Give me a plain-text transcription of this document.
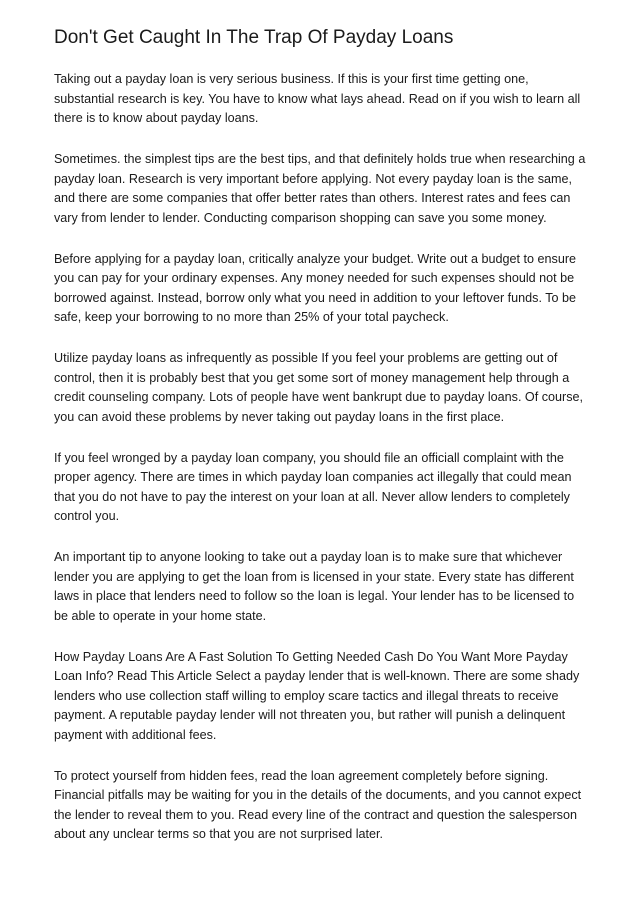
Don't Get Caught In The Trap Of Payday Loans

Taking out a payday loan is very serious business. If this is your first time getting one, substantial research is key. You have to know what lays ahead. Read on if you wish to learn all there is to know about payday loans.

Sometimes. the simplest tips are the best tips, and that definitely holds true when researching a payday loan. Research is very important before applying. Not every payday loan is the same, and there are some companies that offer better rates than others. Interest rates and fees can vary from lender to lender. Conducting comparison shopping can save you some money.

Before applying for a payday loan, critically analyze your budget. Write out a budget to ensure you can pay for your ordinary expenses. Any money needed for such expenses should not be borrowed against. Instead, borrow only what you need in addition to your leftover funds. To be safe, keep your borrowing to no more than 25% of your total paycheck.

Utilize payday loans as infrequently as possible If you feel your problems are getting out of control, then it is probably best that you get some sort of money management help through a credit counseling company. Lots of people have went bankrupt due to payday loans. Of course, you can avoid these problems by never taking out payday loans in the first place.

If you feel wronged by a payday loan company, you should file an officiall complaint with the proper agency. There are times in which payday loan companies act illegally that could mean that you do not have to pay the interest on your loan at all. Never allow lenders to completely control you.

An important tip to anyone looking to take out a payday loan is to make sure that whichever lender you are applying to get the loan from is licensed in your state. Every state has different laws in place that lenders need to follow so the loan is legal. Your lender has to be licensed to be able to operate in your home state.

How Payday Loans Are A Fast Solution To Getting Needed Cash Do You Want More Payday Loan Info? Read This Article Select a payday lender that is well-known. There are some shady lenders who use collection staff willing to employ scare tactics and illegal threats to receive payment. A reputable payday lender will not threaten you, but rather will punish a delinquent payment with additional fees.

To protect yourself from hidden fees, read the loan agreement completely before signing. Financial pitfalls may be waiting for you in the details of the documents, and you cannot expect the lender to reveal them to you. Read every line of the contract and question the salesperson about any unclear terms so that you are not surprised later.
